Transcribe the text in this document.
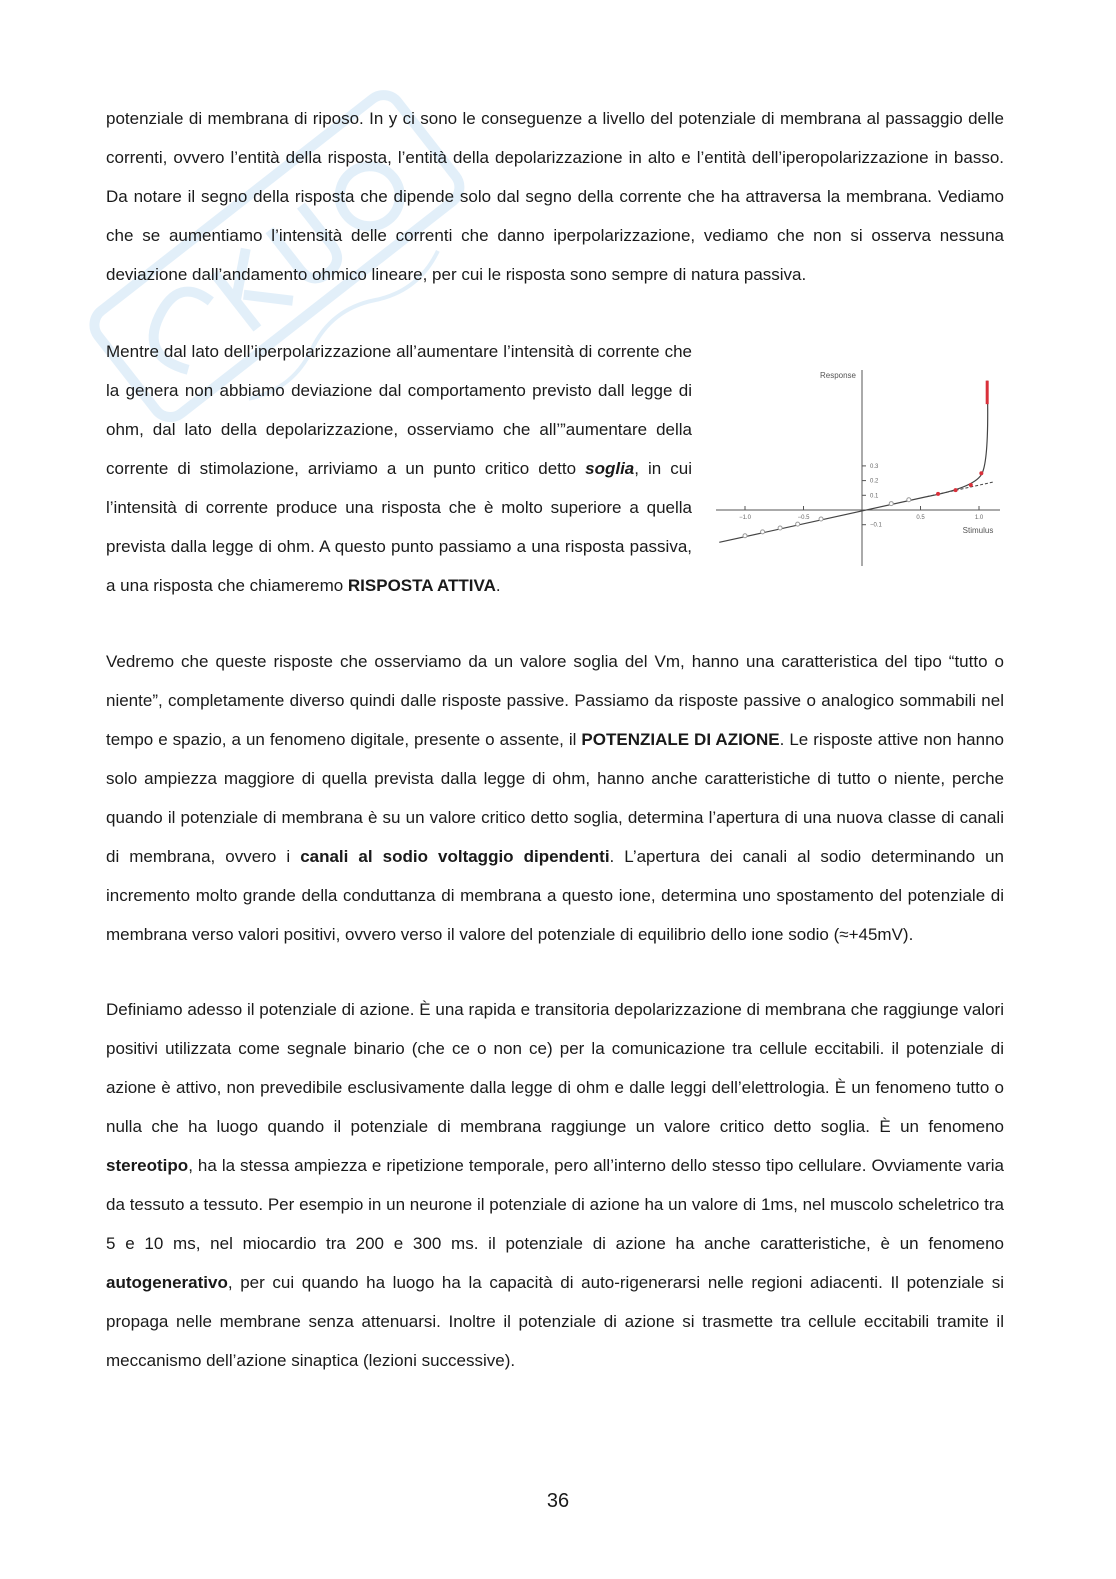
potenziale di membrana di riposo. In y ci sono le conseguenze a livello del potenziale di membrana al passaggio delle correnti, ovvero l’entità della risposta, l’entità della depolarizzazione in alto e l’entità dell’iperopolarizzazione in basso. Da notare il segno della risposta che dipende solo dal segno della corrente che ha attraversa la membrana. Vediamo che se aumentiamo l’intensità delle correnti che danno iperpolarizzazione, vediamo che non si osserva nessuna deviazione dall’andamento ohmico lineare, per cui le risposta sono sempre di natura passiva.

Mentre dal lato dell’iperpolarizzazione all’aumentare l’intensità di corrente che la genera non abbiamo deviazione dal comportamento previsto dall legge di ohm, dal lato della depolarizzazione, osserviamo che all’”aumentare della corrente di stimolazione, arriviamo a un punto critico detto soglia, in cui l’intensità di corrente produce una risposta che è molto superiore a quella prevista dalla legge di ohm. A questo punto passiamo a una risposta passiva, a una risposta che chiameremo RISPOSTA ATTIVA.

0.3
0.2
0.1
−0.1
−1.0	−0.5	0.5	1.0
Response
Stimulus

Vedremo che queste risposte che osserviamo da un valore soglia del Vm, hanno una caratteristica del tipo “tutto o niente”, completamente diverso quindi dalle risposte passive. Passiamo da risposte passive o analogico sommabili nel tempo e spazio, a un fenomeno digitale, presente o assente, il POTENZIALE DI AZIONE. Le risposte attive non hanno solo ampiezza maggiore di quella prevista dalla legge di ohm, hanno anche caratteristiche di tutto o niente, perche quando il potenziale di membrana è su un valore critico detto soglia, determina l’apertura di una nuova classe di canali di membrana, ovvero i canali al sodio voltaggio dipendenti. L’apertura dei canali al sodio determinando un incremento molto grande della conduttanza di membrana a questo ione, determina uno spostamento del potenziale di membrana verso valori positivi, ovvero verso il valore del potenziale di equilibrio dello ione sodio (≈+45mV).

Definiamo adesso il potenziale di azione. È una rapida e transitoria depolarizzazione di membrana che raggiunge valori positivi utilizzata come segnale binario (che ce o non ce) per la comunicazione tra cellule eccitabili. il potenziale di azione è attivo, non prevedibile esclusivamente dalla legge di ohm e dalle leggi dell’elettrologia. È un fenomeno tutto o nulla che ha luogo quando il potenziale di membrana raggiunge un valore critico detto soglia. È un fenomeno stereotipo, ha la stessa ampiezza e ripetizione temporale, pero all’interno dello stesso tipo cellulare. Ovviamente varia da tessuto a tessuto. Per esempio in un neurone il potenziale di azione ha un valore di 1ms, nel muscolo scheletrico tra 5 e 10 ms, nel miocardio tra 200 e 300 ms. il potenziale di azione ha anche caratteristiche, è un fenomeno autogenerativo, per cui quando ha luogo ha la capacità di auto-rigenerarsi nelle regioni adiacenti. Il potenziale si propaga nelle membrane senza attenuarsi. Inoltre il potenziale di azione si trasmette tra cellule eccitabili tramite il meccanismo dell’azione sinaptica (lezioni successive).

36
